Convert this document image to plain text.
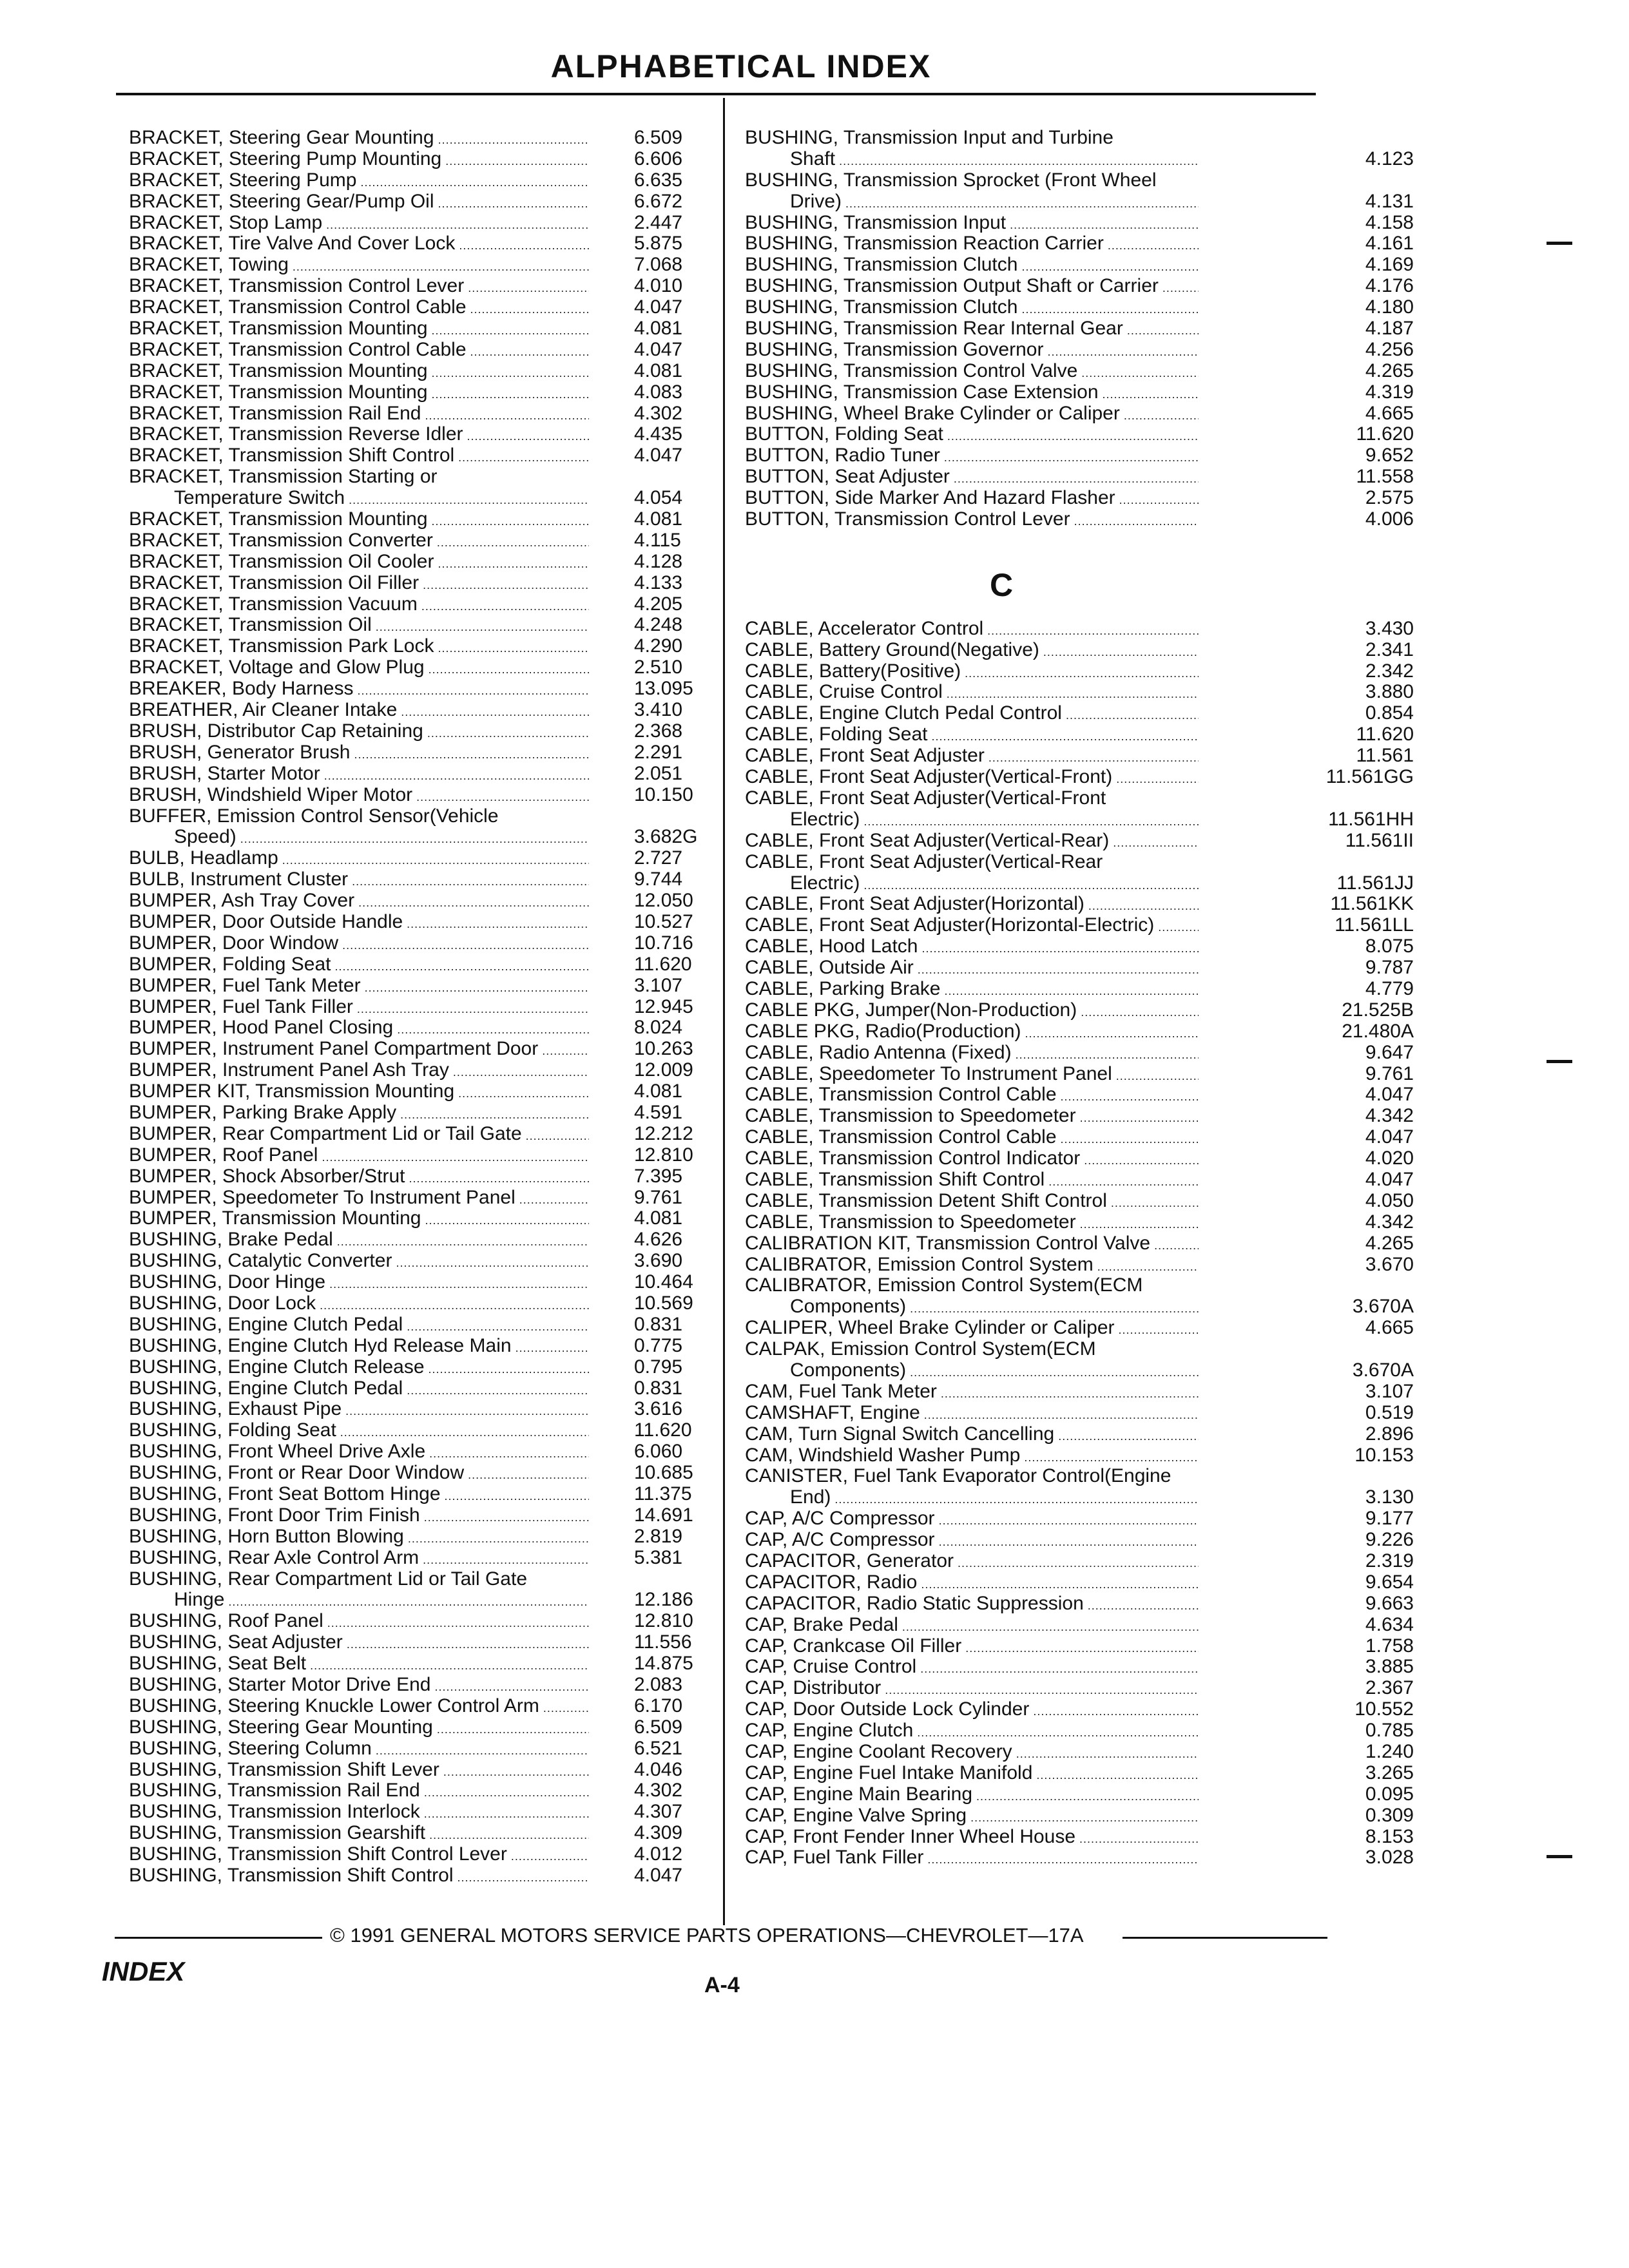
ALPHABETICAL INDEX
BRACKET, Steering Gear Mounting .....	6.509
BRACKET, Steering Pump Mounting .....	6.606
BRACKET, Steering Pump .....	6.635
BRACKET, Steering Gear/Pump Oil .....	6.672
BRACKET, Stop Lamp .....	2.447
BRACKET, Tire Valve And Cover Lock .....	5.875
BRACKET, Towing .....	7.068
BRACKET, Transmission Control Lever .....	4.010
BRACKET, Transmission Control Cable .....	4.047
BRACKET, Transmission Mounting .....	4.081
BRACKET, Transmission Control Cable .....	4.047
BRACKET, Transmission Mounting .....	4.081
BRACKET, Transmission Mounting .....	4.083
BRACKET, Transmission Rail End .....	4.302
BRACKET, Transmission Reverse Idler .....	4.435
BRACKET, Transmission Shift Control .....	4.047
BRACKET, Transmission Starting or
Temperature Switch .....	4.054
BRACKET, Transmission Mounting .....	4.081
BRACKET, Transmission Converter .....	4.115
BRACKET, Transmission Oil Cooler .....	4.128
BRACKET, Transmission Oil Filler .....	4.133
BRACKET, Transmission Vacuum .....	4.205
BRACKET, Transmission Oil .....	4.248
BRACKET, Transmission Park Lock .....	4.290
BRACKET, Voltage and Glow Plug .....	2.510
BREAKER, Body Harness .....	13.095
BREATHER, Air Cleaner Intake .....	3.410
BRUSH, Distributor Cap Retaining .....	2.368
BRUSH, Generator Brush .....	2.291
BRUSH, Starter Motor .....	2.051
BRUSH, Windshield Wiper Motor .....	10.150
BUFFER, Emission Control Sensor(Vehicle
Speed) .....	3.682G
BULB, Headlamp .....	2.727
BULB, Instrument Cluster .....	9.744
BUMPER, Ash Tray Cover .....	12.050
BUMPER, Door Outside Handle .....	10.527
BUMPER, Door Window .....	10.716
BUMPER, Folding Seat .....	11.620
BUMPER, Fuel Tank Meter .....	3.107
BUMPER, Fuel Tank Filler .....	12.945
BUMPER, Hood Panel Closing .....	8.024
BUMPER, Instrument Panel Compartment Door .....	10.263
BUMPER, Instrument Panel Ash Tray .....	12.009
BUMPER KIT, Transmission Mounting .....	4.081
BUMPER, Parking Brake Apply .....	4.591
BUMPER, Rear Compartment Lid or Tail Gate .....	12.212
BUMPER, Roof Panel .....	12.810
BUMPER, Shock Absorber/Strut .....	7.395
BUMPER, Speedometer To Instrument Panel .....	9.761
BUMPER, Transmission Mounting .....	4.081
BUSHING, Brake Pedal .....	4.626
BUSHING, Catalytic Converter .....	3.690
BUSHING, Door Hinge .....	10.464
BUSHING, Door Lock .....	10.569
BUSHING, Engine Clutch Pedal .....	0.831
BUSHING, Engine Clutch Hyd Release Main .....	0.775
BUSHING, Engine Clutch Release .....	0.795
BUSHING, Engine Clutch Pedal .....	0.831
BUSHING, Exhaust Pipe .....	3.616
BUSHING, Folding Seat .....	11.620
BUSHING, Front Wheel Drive Axle .....	6.060
BUSHING, Front or Rear Door Window .....	10.685
BUSHING, Front Seat Bottom Hinge .....	11.375
BUSHING, Front Door Trim Finish .....	14.691
BUSHING, Horn Button Blowing .....	2.819
BUSHING, Rear Axle Control Arm .....	5.381
BUSHING, Rear Compartment Lid or Tail Gate
Hinge .....	12.186
BUSHING, Roof Panel .....	12.810
BUSHING, Seat Adjuster .....	11.556
BUSHING, Seat Belt .....	14.875
BUSHING, Starter Motor Drive End .....	2.083
BUSHING, Steering Knuckle Lower Control Arm .....	6.170
BUSHING, Steering Gear Mounting .....	6.509
BUSHING, Steering Column .....	6.521
BUSHING, Transmission Shift Lever .....	4.046
BUSHING, Transmission Rail End .....	4.302
BUSHING, Transmission Interlock .....	4.307
BUSHING, Transmission Gearshift .....	4.309
BUSHING, Transmission Shift Control Lever .....	4.012
BUSHING, Transmission Shift Control .....	4.047
BUSHING, Transmission Input and Turbine
Shaft .....	4.123
BUSHING, Transmission Sprocket (Front Wheel
Drive) .....	4.131
BUSHING, Transmission Input .....	4.158
BUSHING, Transmission Reaction Carrier .....	4.161
BUSHING, Transmission Clutch .....	4.169
BUSHING, Transmission Output Shaft or Carrier .....	4.176
BUSHING, Transmission Clutch .....	4.180
BUSHING, Transmission Rear Internal Gear .....	4.187
BUSHING, Transmission Governor .....	4.256
BUSHING, Transmission Control Valve .....	4.265
BUSHING, Transmission Case Extension .....	4.319
BUSHING, Wheel Brake Cylinder or Caliper .....	4.665
BUTTON, Folding Seat .....	11.620
BUTTON, Radio Tuner .....	9.652
BUTTON, Seat Adjuster .....	11.558
BUTTON, Side Marker And Hazard Flasher .....	2.575
BUTTON, Transmission Control Lever .....	4.006
C
CABLE, Accelerator Control .....	3.430
CABLE, Battery Ground(Negative) .....	2.341
CABLE, Battery(Positive) .....	2.342
CABLE, Cruise Control .....	3.880
CABLE, Engine Clutch Pedal Control .....	0.854
CABLE, Folding Seat .....	11.620
CABLE, Front Seat Adjuster .....	11.561
CABLE, Front Seat Adjuster(Vertical-Front) .....	11.561GG
CABLE, Front Seat Adjuster(Vertical-Front
Electric) .....	11.561HH
CABLE, Front Seat Adjuster(Vertical-Rear) .....	11.561II
CABLE, Front Seat Adjuster(Vertical-Rear
Electric) .....	11.561JJ
CABLE, Front Seat Adjuster(Horizontal) .....	11.561KK
CABLE, Front Seat Adjuster(Horizontal-Electric) .....	11.561LL
CABLE, Hood Latch .....	8.075
CABLE, Outside Air .....	9.787
CABLE, Parking Brake .....	4.779
CABLE PKG, Jumper(Non-Production) .....	21.525B
CABLE PKG, Radio(Production) .....	21.480A
CABLE, Radio Antenna (Fixed) .....	9.647
CABLE, Speedometer To Instrument Panel .....	9.761
CABLE, Transmission Control Cable .....	4.047
CABLE, Transmission to Speedometer .....	4.342
CABLE, Transmission Control Cable .....	4.047
CABLE, Transmission Control Indicator .....	4.020
CABLE, Transmission Shift Control .....	4.047
CABLE, Transmission Detent Shift Control .....	4.050
CABLE, Transmission to Speedometer .....	4.342
CALIBRATION KIT, Transmission Control Valve .....	4.265
CALIBRATOR, Emission Control System .....	3.670
CALIBRATOR, Emission Control System(ECM
Components) .....	3.670A
CALIPER, Wheel Brake Cylinder or Caliper .....	4.665
CALPAK, Emission Control System(ECM
Components) .....	3.670A
CAM, Fuel Tank Meter .....	3.107
CAMSHAFT, Engine .....	0.519
CAM, Turn Signal Switch Cancelling .....	2.896
CAM, Windshield Washer Pump .....	10.153
CANISTER, Fuel Tank Evaporator Control(Engine
End) .....	3.130
CAP, A/C Compressor .....	9.177
CAP, A/C Compressor .....	9.226
CAPACITOR, Generator .....	2.319
CAPACITOR, Radio .....	9.654
CAPACITOR, Radio Static Suppression .....	9.663
CAP, Brake Pedal .....	4.634
CAP, Crankcase Oil Filler .....	1.758
CAP, Cruise Control .....	3.885
CAP, Distributor .....	2.367
CAP, Door Outside Lock Cylinder .....	10.552
CAP, Engine Clutch .....	0.785
CAP, Engine Coolant Recovery .....	1.240
CAP, Engine Fuel Intake Manifold .....	3.265
CAP, Engine Main Bearing .....	0.095
CAP, Engine Valve Spring .....	0.309
CAP, Front Fender Inner Wheel House .....	8.153
CAP, Fuel Tank Filler .....	3.028
© 1991 GENERAL MOTORS SERVICE PARTS OPERATIONS—CHEVROLET—17A
INDEX	A-4
